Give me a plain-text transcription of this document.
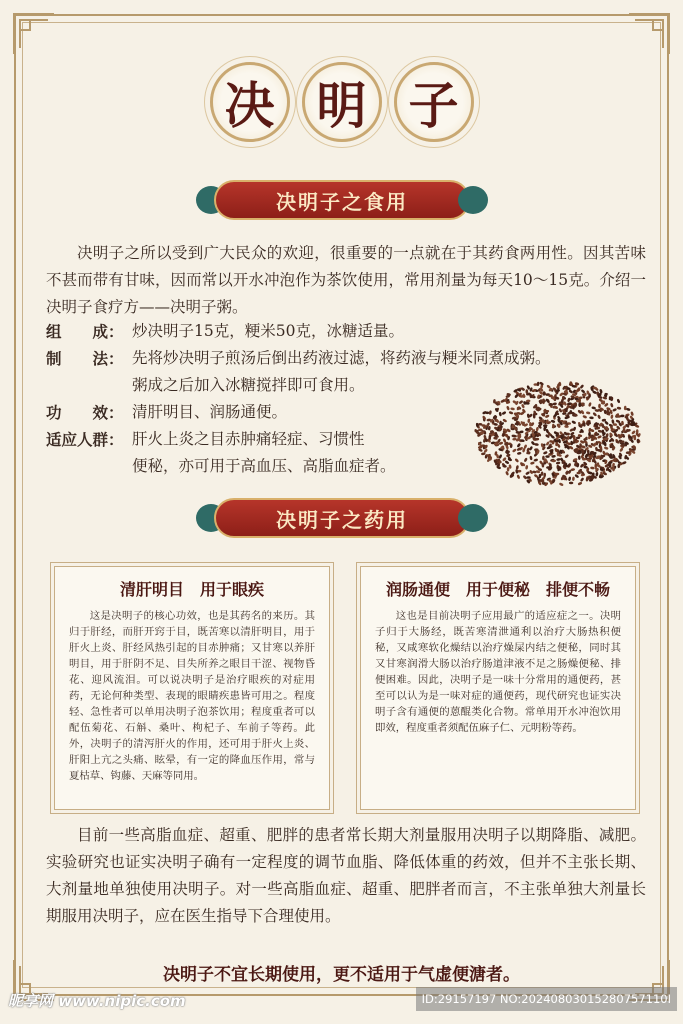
决 明 子
决明子之食用

决明子之所以受到广大民众的欢迎，很重要的一点就在于其药食两用性。因其苦味不甚而带有甘味，因而常以开水冲泡作为茶饮使用，常用剂量为每天10～15克。介绍一决明子食疗方——决明子粥。

组　　成： 炒决明子15克，粳米50克，冰糖适量。
制　　法： 先将炒决明子煎汤后倒出药液过滤，将药液与粳米同煮成粥。
粥成之后加入冰糖搅拌即可食用。
功　　效： 清肝明目、润肠通便。
适应人群： 肝火上炎之目赤肿痛轻症、习惯性
便秘，亦可用于高血压、高脂血症者。
决明子之药用
清肝明目　用于眼疾

这是决明子的核心功效，也是其药名的来历。其归于肝经，而肝开窍于目，既苦寒以清肝明目，用于肝火上炎、肝经风热引起的目赤肿痛；又甘寒以养肝明目，用于肝阴不足、目失所养之眼目干涩、视物昏花、迎风流泪。可以说决明子是治疗眼疾的对症用药，无论何种类型、表现的眼睛疾患皆可用之。程度轻、急性者可以单用决明子泡茶饮用；程度重者可以配伍菊花、石斛、桑叶、枸杞子、车前子等药。此外，决明子的清泻肝火的作用，还可用于肝火上炎、肝阳上亢之头痛、眩晕，有一定的降血压作用，常与夏枯草、钩藤、天麻等同用。

润肠通便　用于便秘　排便不畅

这也是目前决明子应用最广的适应症之一。决明子归于大肠经，既苦寒清泄通利以治疗大肠热积便秘，又咸寒软化燥结以治疗燥屎内结之便秘，同时其又甘寒润滑大肠以治疗肠道津液不足之肠燥便秘、排便困难。因此，决明子是一味十分常用的通便药，甚至可以认为是一味对症的通便药，现代研究也证实决明子含有通便的蒽醌类化合物。常单用开水冲泡饮用即效，程度重者须配伍麻子仁、元明粉等药。

目前一些高脂血症、超重、肥胖的患者常长期大剂量服用决明子以期降脂、减肥。实验研究也证实决明子确有一定程度的调节血脂、降低体重的药效，但并不主张长期、大剂量地单独使用决明子。对一些高脂血症、超重、肥胖者而言，不主张单独大剂量长期服用决明子，应在医生指导下合理使用。

决明子不宜长期使用，更不适用于气虚便溏者。
昵享网 www.nipic.com	ID:29157197 NO:20240803015280757110I
